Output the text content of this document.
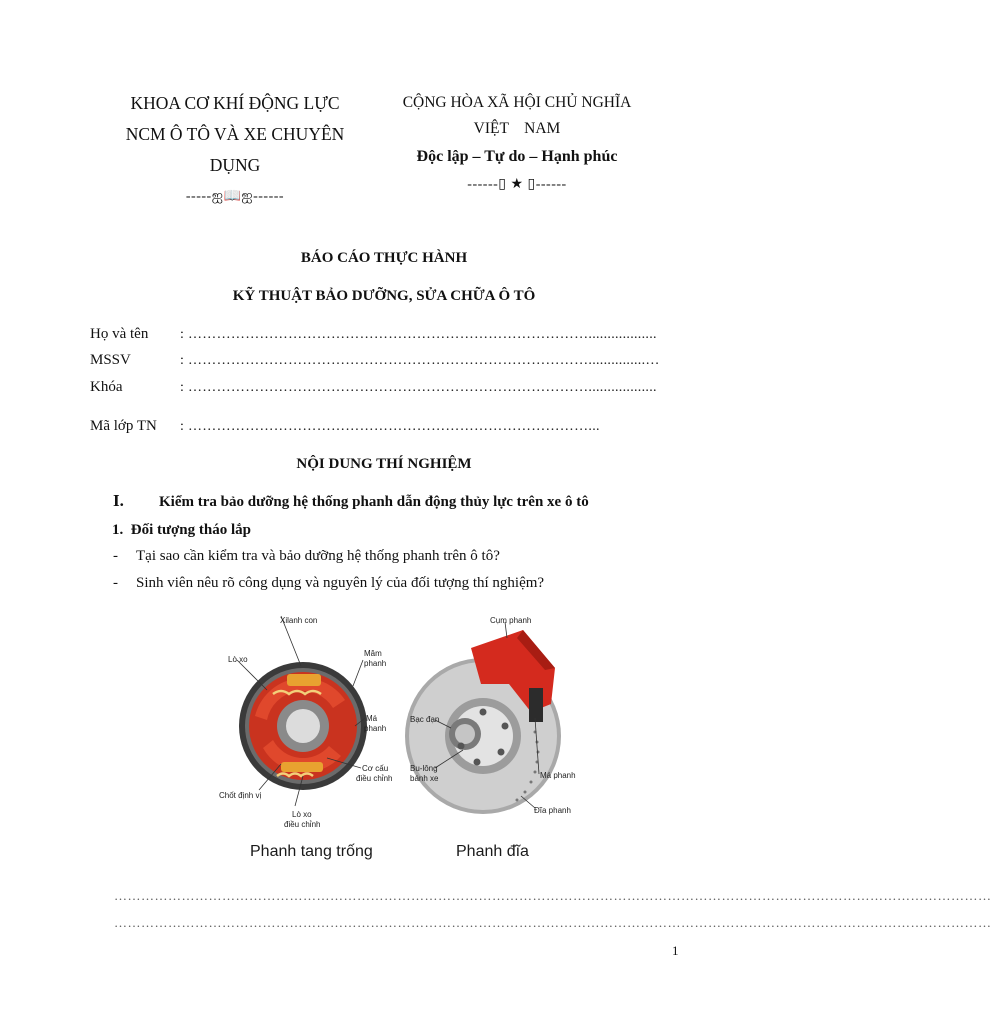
KHOA CƠ KHÍ ĐỘNG LỰC
NCM Ô TÔ VÀ XE CHUYÊN
DỤNG
-----ஐ📖ஐ------
CỘNG HÒA XÃ HỘI CHỦ NGHĨA
VIỆT    NAM
Độc lập – Tự do – Hạnh phúc
------▯ ★ ▯------
BÁO CÁO THỰC HÀNH
KỸ THUẬT BẢO DƯỠNG, SỬA CHỮA Ô TÔ
Họ và tên : …………………………………………………………………………..................
MSSV	: …………………………………………………………………………...............…
Khóa	: …………………………………………………………………………..................
Mã lớp TN : …………………………………………………………………………...
NỘI DUNG THÍ NGHIỆM
I. Kiểm tra bảo dưỡng hệ thống phanh dẫn động thủy lực trên xe ô tô
1.  Đối tượng tháo lắp
- Tại sao cần kiểm tra và bảo dưỡng hệ thống phanh trên ô tô?
- Sinh viên nêu rõ công dụng và nguyên lý của đối tượng thí nghiệm?
Xilanh con
Lò xo
Mâm
phanh
Má
phanh
Cơ cấu
điều chỉnh
Chốt định vị
Lò xo
điều chỉnh
Phanh tang trống
Cụm phanh
Bạc đạn
Bu-lông
bánh xe	Má phanh
Đĩa phanh
Phanh đĩa
……………………………………………………………………………………………………………………………………………………………………………
……………………………………………………………………………………………………………………………………………………………………………
1
